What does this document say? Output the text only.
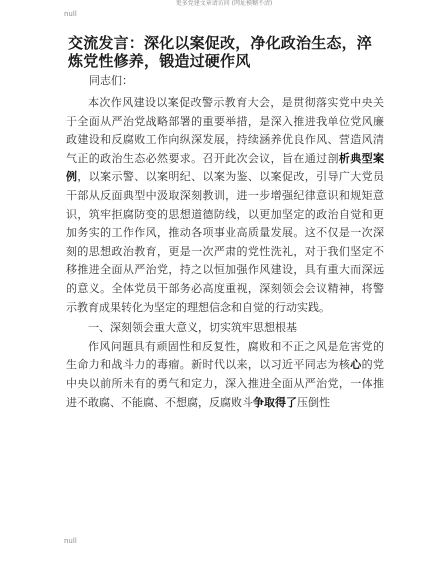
更多党建文章请访问 (网址模糊不清)
null
交流发言：深化以案促改，净化政治生态，淬炼党性修养，锻造过硬作风
同志们：

本次作风建设以案促改警示教育大会，是贯彻落实党中央关于全面从严治党战略部署的重要举措，是深入推进我单位党风廉政建设和反腐败工作向纵深发展，持续涵养优良作风、营造风清气正的政治生态必然要求。召开此次会议，旨在通过剖析典型案例，以案示警、以案明纪、以案为鉴、以案促改，引导广大党员干部从反面典型中汲取深刻教训，进一步增强纪律意识和规矩意识，筑牢拒腐防变的思想道德防线，以更加坚定的政治自觉和更加务实的工作作风，推动各项事业高质量发展。这不仅是一次深刻的思想政治教育，更是一次严肃的党性洗礼，对于我们坚定不移推进全面从严治党，持之以恒加强作风建设，具有重大而深远的意义。全体党员干部务必高度重视，深刻领会会议精神，将警示教育成果转化为坚定的理想信念和自觉的行动实践。

一、深刻领会重大意义，切实筑牢思想根基

作风问题具有顽固性和反复性，腐败和不正之风是危害党的生命力和战斗力的毒瘤。新时代以来，以习近平同志为核心的党中央以前所未有的勇气和定力，深入推进全面从严治党，一体推进不敢腐、不能腐、不想腐，反腐败斗争取得了压倒性

null
